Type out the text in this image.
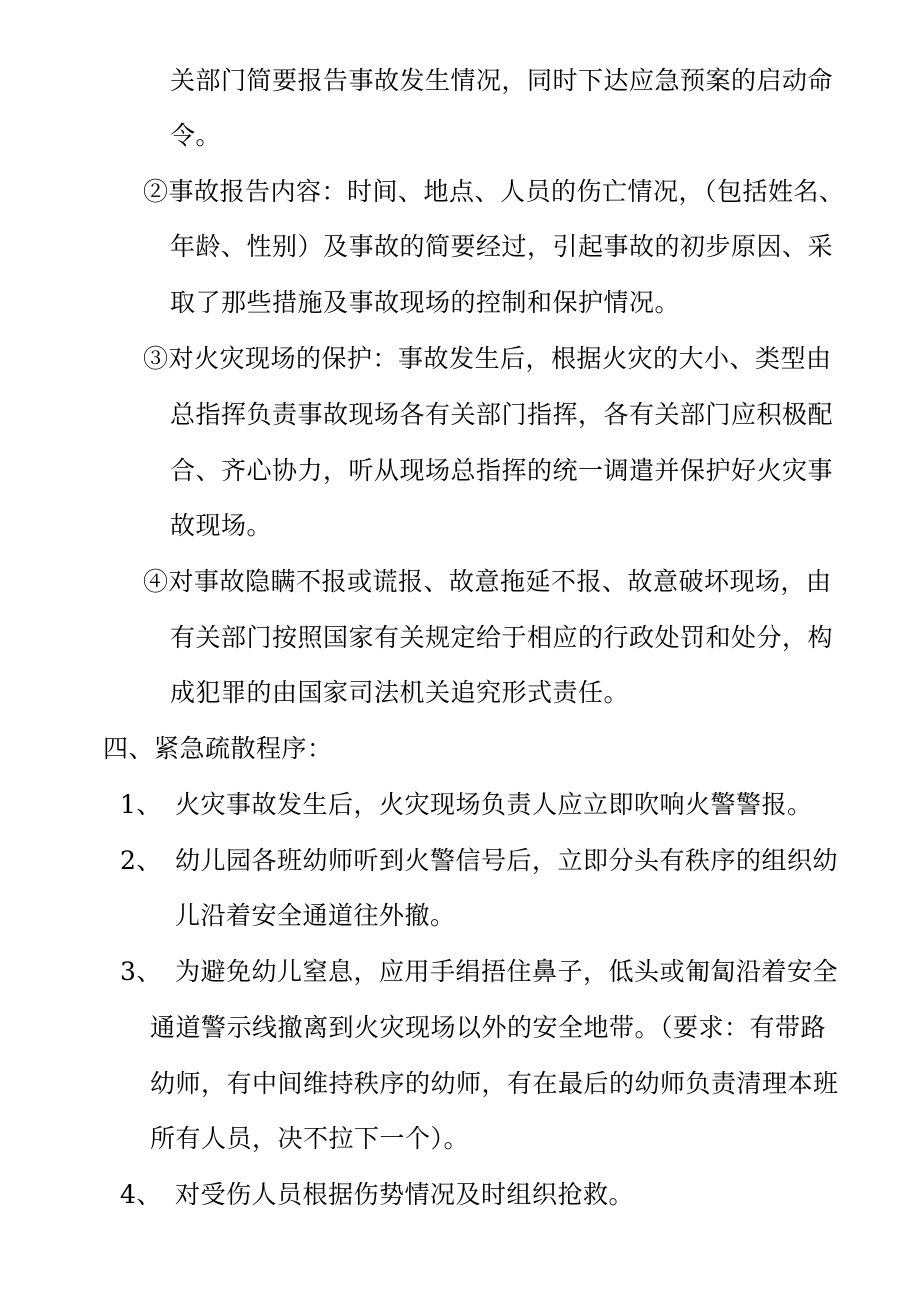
关部门简要报告事故发生情况，同时下达应急预案的启动命
令。
②事故报告内容：时间、地点、人员的伤亡情况，（包括姓名、
年龄、性别）及事故的简要经过，引起事故的初步原因、采
取了那些措施及事故现场的控制和保护情况。
③对火灾现场的保护：事故发生后，根据火灾的大小、类型由
总指挥负责事故现场各有关部门指挥，各有关部门应积极配
合、齐心协力，听从现场总指挥的统一调遣并保护好火灾事
故现场。
④对事故隐瞒不报或谎报、故意拖延不报、故意破坏现场，由
有关部门按照国家有关规定给于相应的行政处罚和处分，构
成犯罪的由国家司法机关追究形式责任。
四、紧急疏散程序：
1、 火灾事故发生后，火灾现场负责人应立即吹响火警警报。
2、 幼儿园各班幼师听到火警信号后，立即分头有秩序的组织幼
儿沿着安全通道往外撤。
3、 为避免幼儿窒息，应用手绢捂住鼻子，低头或匍匐沿着安全
通道警示线撤离到火灾现场以外的安全地带。（要求：有带路
幼师，有中间维持秩序的幼师，有在最后的幼师负责清理本班
所有人员，决不拉下一个）。
4、 对受伤人员根据伤势情况及时组织抢救。
